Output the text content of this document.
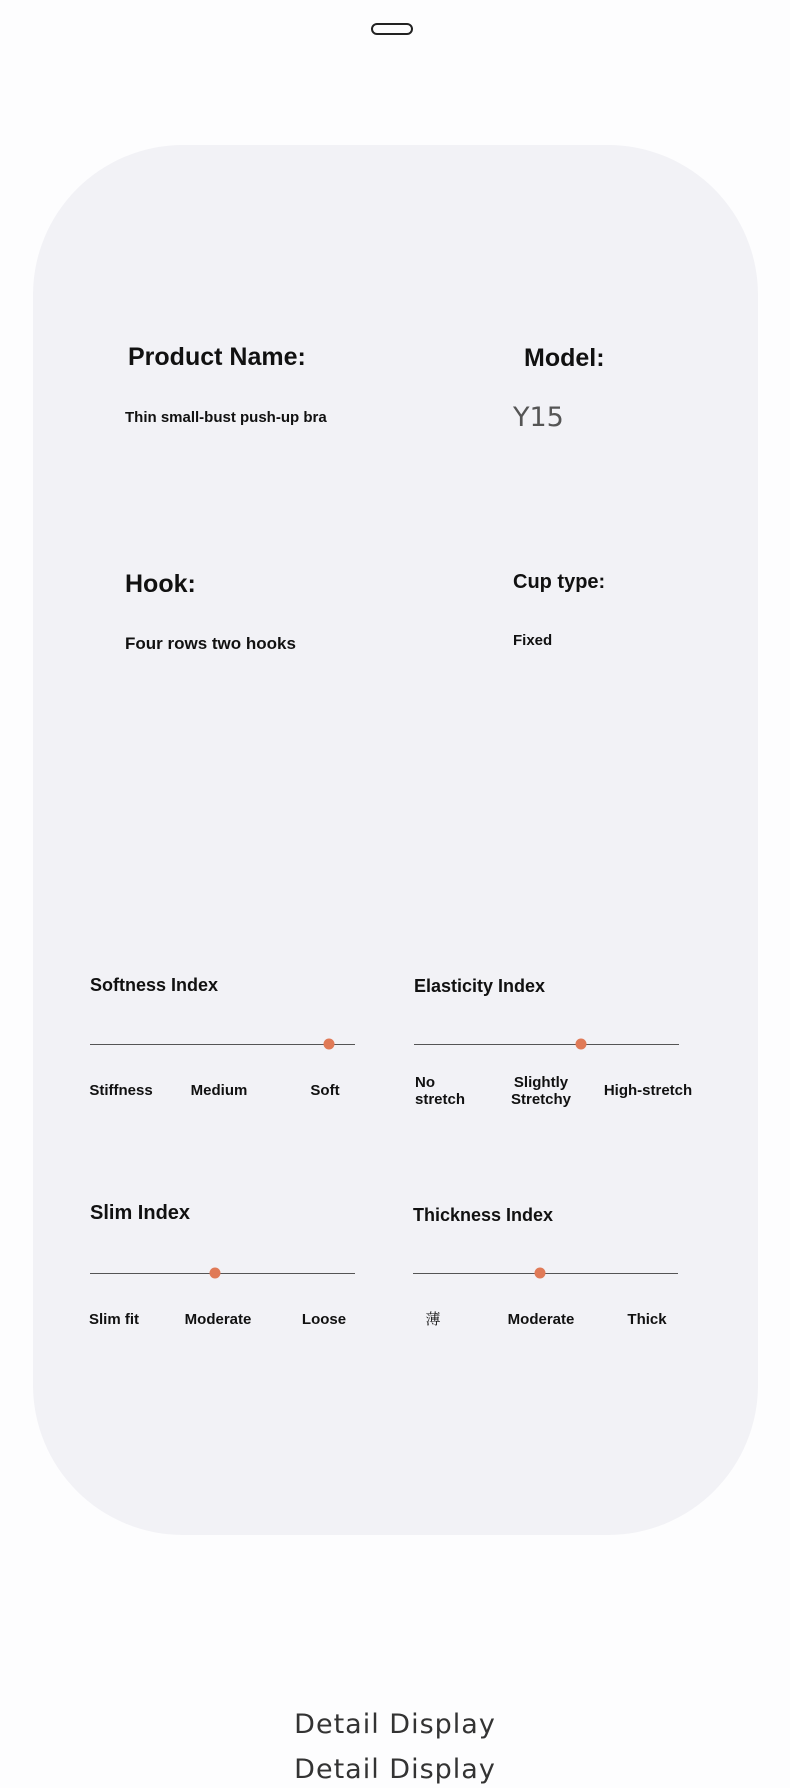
Product Name:
Thin small-bust push-up bra
Model:
Y15
Hook:
Four rows two hooks
Cup type:
Fixed
Softness Index
Stiffness	Medium	Soft
Elasticity Index
No
stretch
Slightly
Stretchy
High-stretch
Slim Index
Slim fit	Moderate	Loose
Thickness Index
薄	Moderate	Thick
Detail Display
Detail Display
